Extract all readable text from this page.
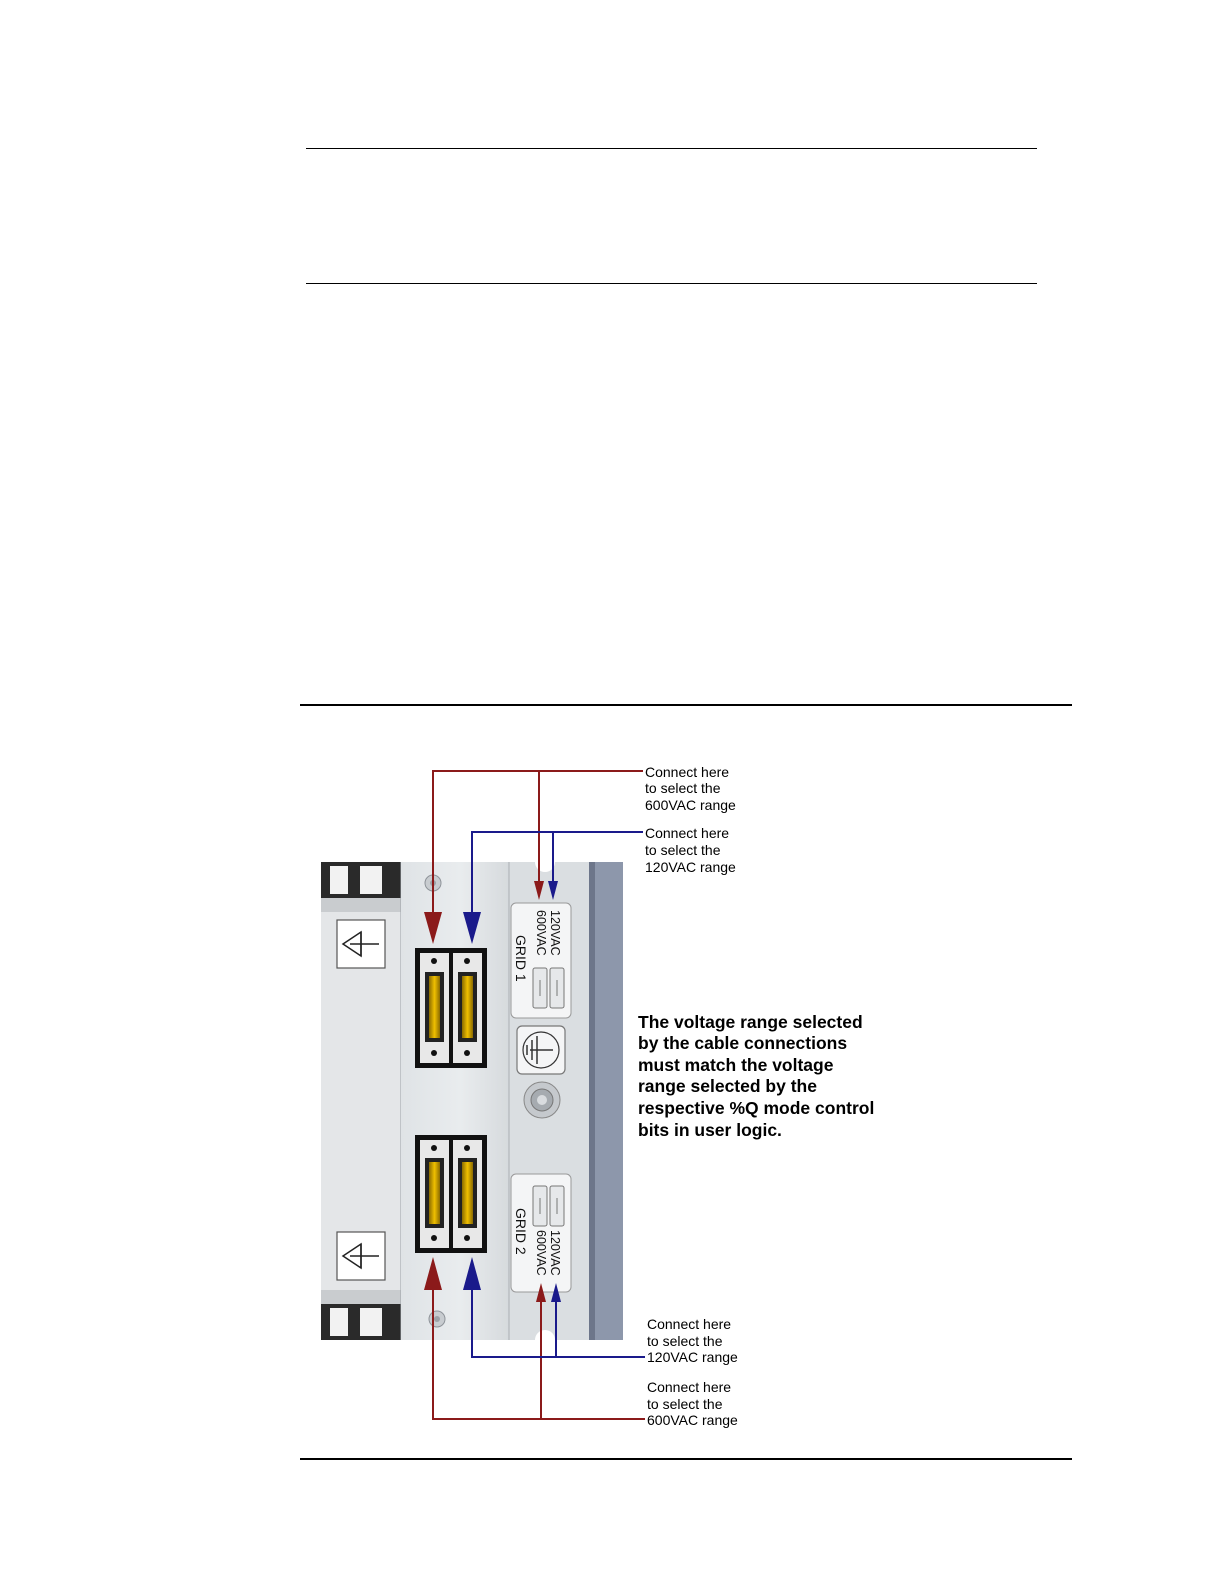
120VAC
600VAC
GRID 1
GRID 2 600VAC 120VAC
Connect here
to select the
600VAC range
Connect here
to select the
120VAC range
Connect here
to select the
120VAC range
Connect here
to select the
600VAC range
The voltage range selected
by the cable connections
must match the voltage
range selected by the
respective %Q mode control
bits in user logic.
